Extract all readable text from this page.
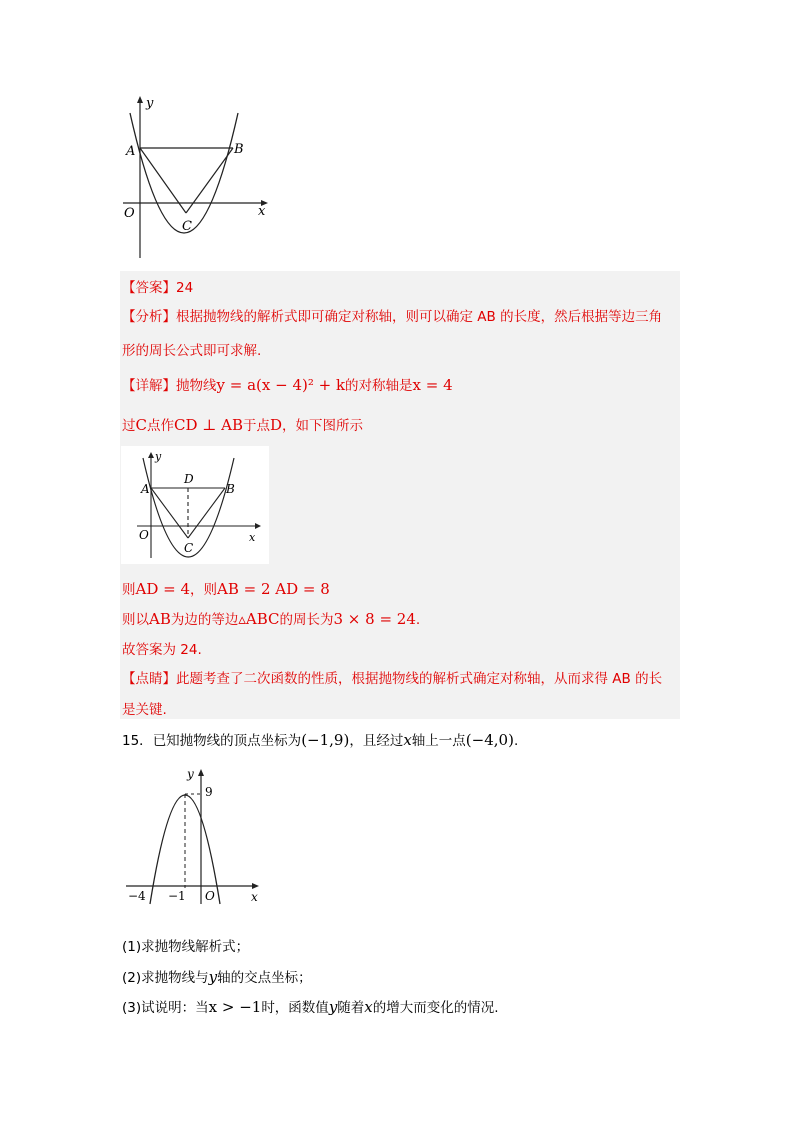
y
A	B
O
C
x
【答案】24
【分析】根据抛物线的解析式即可确定对称轴，则可以确定 AB 的长度，然后根据等边三角
形的周长公式即可求解.
【详解】抛物线y = a(x − 4)² + k的对称轴是x = 4
过C点作CD ⊥ AB于点D，如下图所示
y
D
A	B
O
C
x
则AD = 4，则AB = 2 AD = 8
则以AB为边的等边▵ABC的周长为3 × 8 = 24.
故答案为 24.
【点睛】此题考查了二次函数的性质，根据抛物线的解析式确定对称轴，从而求得 AB 的长
是关键.
15．已知抛物线的顶点坐标为(−1,9)，且经过x轴上一点(−4,0).
y
9
−4 −1 O	x
(1)求抛物线解析式；
(2)求抛物线与y轴的交点坐标；
(3)试说明：当x > −1时，函数值y随着x的增大而变化的情况.
